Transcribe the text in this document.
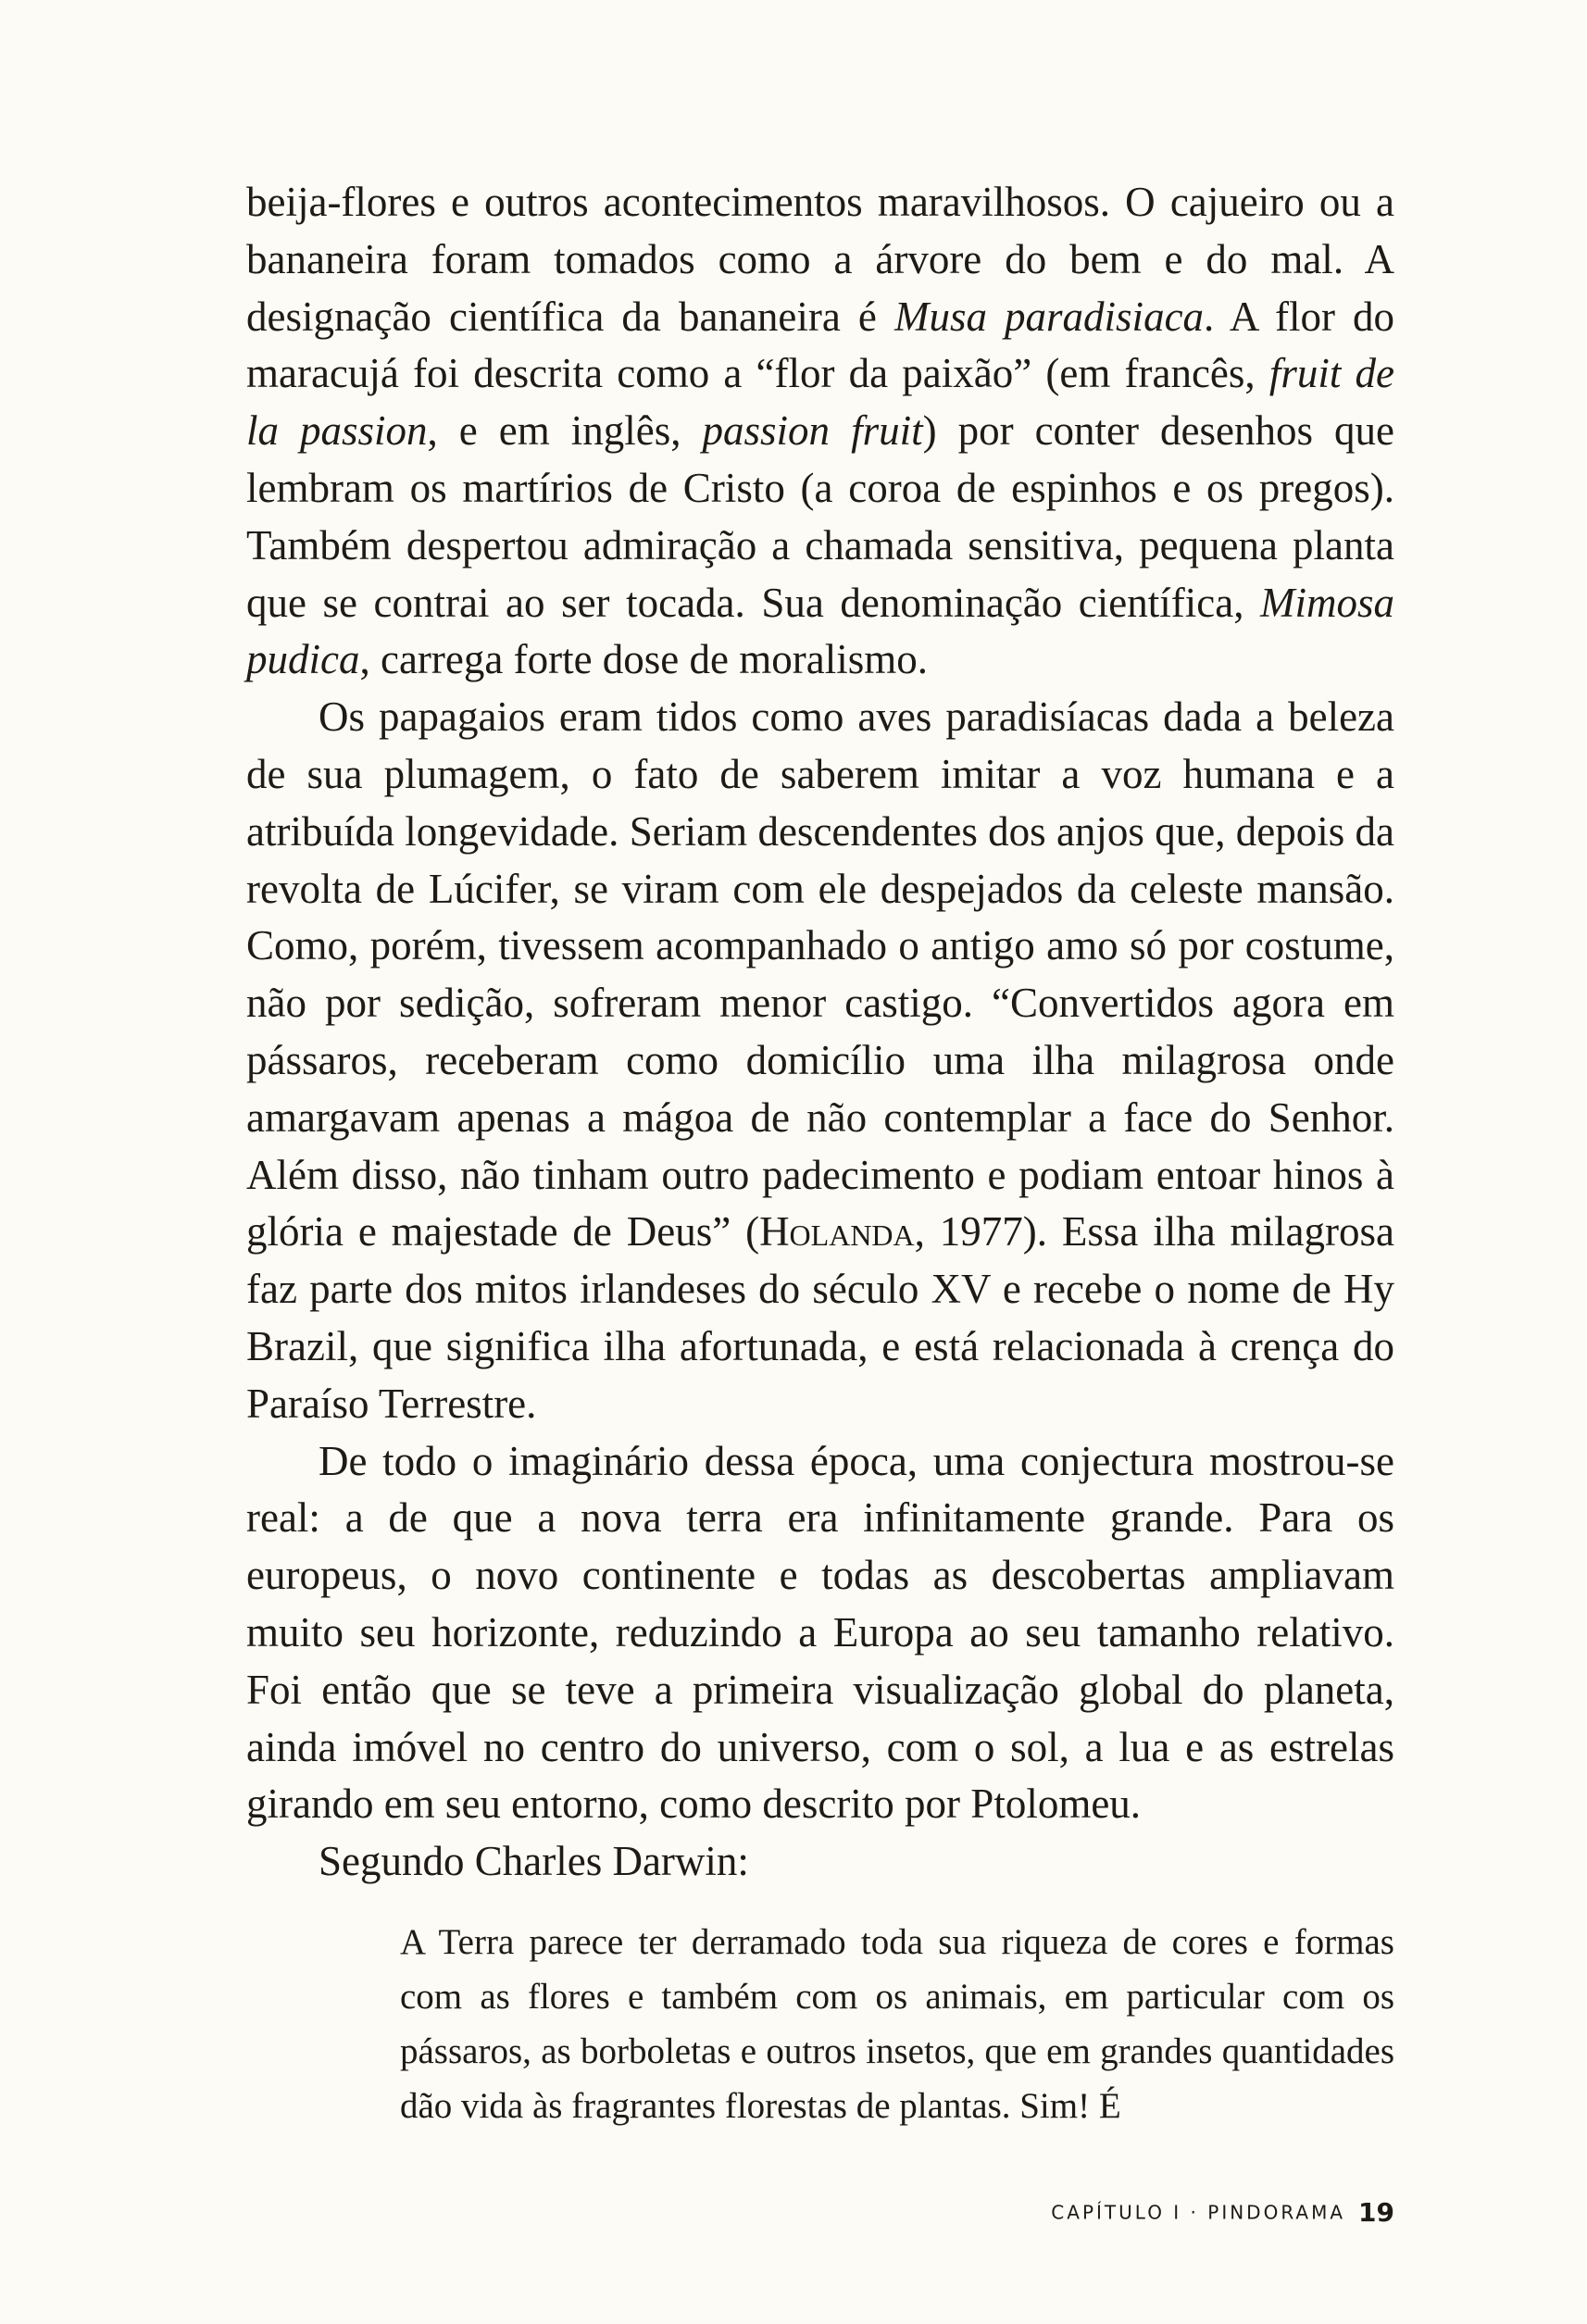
beija-flores e outros acontecimentos maravilhosos. O cajueiro ou a bananeira foram tomados como a árvore do bem e do mal. A designação científica da bananeira é Musa paradisiaca. A flor do maracujá foi descrita como a “flor da paixão” (em francês, fruit de la passion, e em inglês, passion fruit) por conter desenhos que lembram os martírios de Cristo (a coroa de espinhos e os pregos). Também despertou admiração a chamada sensitiva, pequena planta que se contrai ao ser tocada. Sua denominação científica, Mimosa pudica, carrega forte dose de moralismo.

Os papagaios eram tidos como aves paradisíacas dada a beleza de sua plumagem, o fato de saberem imitar a voz humana e a atribuída longevidade. Seriam descendentes dos anjos que, depois da revolta de Lúcifer, se viram com ele despejados da celeste mansão. Como, porém, tivessem acompanhado o antigo amo só por costume, não por sedição, sofreram menor castigo. “Convertidos agora em pássaros, receberam como domicílio uma ilha milagrosa onde amargavam apenas a mágoa de não contemplar a face do Senhor. Além disso, não tinham outro padecimento e podiam entoar hinos à glória e majestade de Deus” (Holanda, 1977). Essa ilha milagrosa faz parte dos mitos irlandeses do século XV e recebe o nome de Hy Brazil, que significa ilha afortunada, e está relacionada à crença do Paraíso Terrestre.

De todo o imaginário dessa época, uma conjectura mostrou-se real: a de que a nova terra era infinitamente grande. Para os europeus, o novo continente e todas as descobertas ampliavam muito seu horizonte, reduzindo a Europa ao seu tamanho relativo. Foi então que se teve a primeira visualização global do planeta, ainda imóvel no centro do universo, com o sol, a lua e as estrelas girando em seu entorno, como descrito por Ptolomeu.

Segundo Charles Darwin:

A Terra parece ter derramado toda sua riqueza de cores e formas com as flores e também com os animais, em particular com os pássaros, as borboletas e outros insetos, que em grandes quantidades dão vida às fragrantes florestas de plantas. Sim! É

CAPÍTULO I · PINDORAMA 19
